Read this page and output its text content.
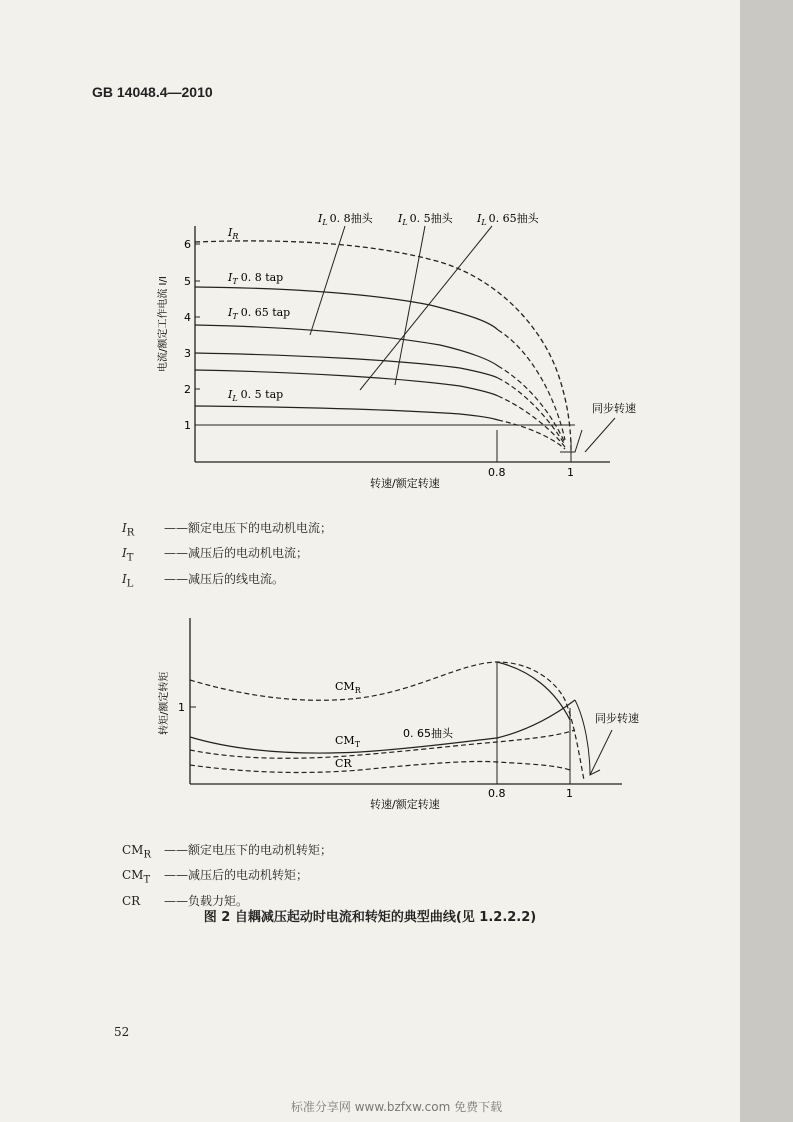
GB 14048.4—2010
1
2
3
4
5
6
0.8	1
电流/额定工作电流 I/I
转速/额定转速
$I_R$
$I_T$ 0. 8 tap
$I_T$ 0. 65 tap
$I_L$ 0. 5 tap
$I_L$ 0. 8抽头 $I_L$ 0. 5抽头 $I_L$ 0. 65抽头
同步转速
$I_R$ ——额定电压下的电动机电流；
$I_T$	——减压后的电动机电流；
$I_L$	——减压后的线电流。
1
0.8	1
转矩/额定转矩
转速/额定转速
$CM_R$
$CM_T$
CR
0. 65抽头
同步转速
$CM_R$ ——额定电压下的电动机转矩；
$CM_T$ ——减压后的电动机转矩；
CR ——负载力矩。
图 2 自耦减压起动时电流和转矩的典型曲线(见 1.2.2.2)
52
标准分享网 www.bzfxw.com 免费下载
